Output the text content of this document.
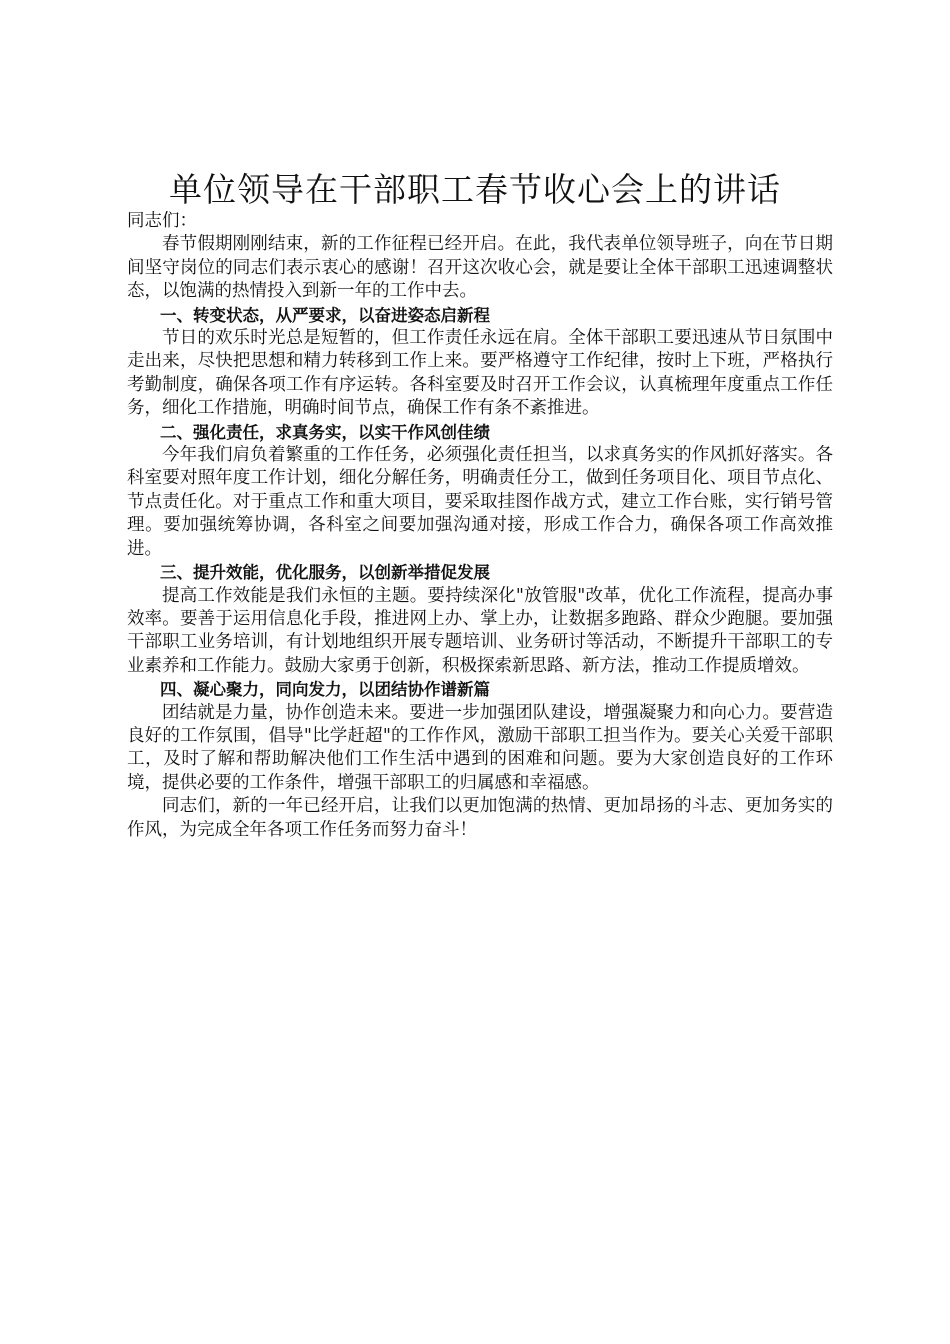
单位领导在干部职工春节收心会上的讲话

同志们：

春节假期刚刚结束，新的工作征程已经开启。在此，我代表单位领导班子，向在节日期间坚守岗位的同志们表示衷心的感谢！召开这次收心会，就是要让全体干部职工迅速调整状态，以饱满的热情投入到新一年的工作中去。

一、转变状态，从严要求，以奋进姿态启新程

节日的欢乐时光总是短暂的，但工作责任永远在肩。全体干部职工要迅速从节日氛围中走出来，尽快把思想和精力转移到工作上来。要严格遵守工作纪律，按时上下班，严格执行考勤制度，确保各项工作有序运转。各科室要及时召开工作会议，认真梳理年度重点工作任务，细化工作措施，明确时间节点，确保工作有条不紊推进。

二、强化责任，求真务实，以实干作风创佳绩

今年我们肩负着繁重的工作任务，必须强化责任担当，以求真务实的作风抓好落实。各科室要对照年度工作计划，细化分解任务，明确责任分工，做到任务项目化、项目节点化、节点责任化。对于重点工作和重大项目，要采取挂图作战方式，建立工作台账，实行销号管理。要加强统筹协调，各科室之间要加强沟通对接，形成工作合力，确保各项工作高效推进。

三、提升效能，优化服务，以创新举措促发展

提高工作效能是我们永恒的主题。要持续深化"放管服"改革，优化工作流程，提高办事效率。要善于运用信息化手段，推进网上办、掌上办，让数据多跑路、群众少跑腿。要加强干部职工业务培训，有计划地组织开展专题培训、业务研讨等活动，不断提升干部职工的专业素养和工作能力。鼓励大家勇于创新，积极探索新思路、新方法，推动工作提质增效。

四、凝心聚力，同向发力，以团结协作谱新篇

团结就是力量，协作创造未来。要进一步加强团队建设，增强凝聚力和向心力。要营造良好的工作氛围，倡导"比学赶超"的工作作风，激励干部职工担当作为。要关心关爱干部职工，及时了解和帮助解决他们工作生活中遇到的困难和问题。要为大家创造良好的工作环境，提供必要的工作条件，增强干部职工的归属感和幸福感。

同志们，新的一年已经开启，让我们以更加饱满的热情、更加昂扬的斗志、更加务实的作风，为完成全年各项工作任务而努力奋斗！
